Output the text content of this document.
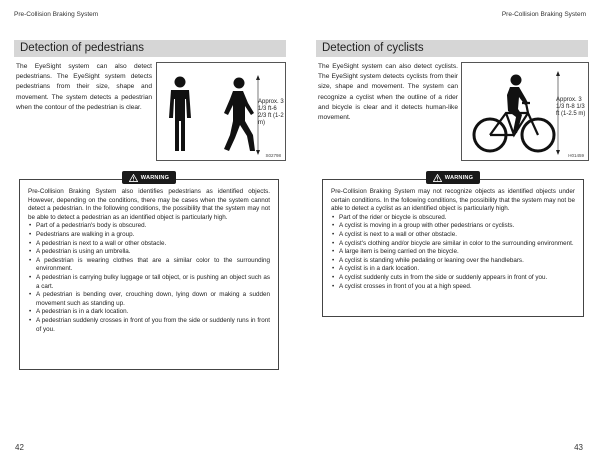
Pre-Collision Braking System
Detection of pedestrians
The EyeSight system can also detect pedestrians. The EyeSight system detects pedestrians from their size, shape and movement. The system detects a pedestrian when the contour of the pedestrian is clear.
Approx. 3 1/3 ft-6 2/3 ft (1-2 m)
S02798
WARNING

Pre-Collision Braking System also identifies pedestrians as identified objects. However, depending on the conditions, there may be cases when the system cannot detect a pedestrian. In the following conditions, the possibility that the system may not be able to detect a pedestrian as an identified object is particularly high.

• Part of a pedestrian's body is obscured.
• Pedestrians are walking in a group.
• A pedestrian is next to a wall or other obstacle.
• A pedestrian is using an umbrella.
• A pedestrian is wearing clothes that are a similar color to the surrounding environment.
• A pedestrian is carrying bulky luggage or tall object, or is pushing an object such as a cart.
• A pedestrian is bending over, crouching down, lying down or making a sudden movement such as standing up.
• A pedestrian is in a dark location.
• A pedestrian suddenly crosses in front of you from the side or suddenly runs in front of you.
42
Pre-Collision Braking System
Detection of cyclists
The EyeSight system can also detect cyclists. The EyeSight system detects cyclists from their size, shape and movement. The system can recognize a cyclist when the outline of a rider and bicycle is clear and it detects human-like movement.
Approx. 3 1/3 ft-8 1/3 ft (1-2.5 m)
H01459
WARNING

Pre-Collision Braking System may not recognize objects as identified objects under certain conditions. In the following conditions, the possibility that the system may not be able to detect a cyclist as an identified object is particularly high.

• Part of the rider or bicycle is obscured.
• A cyclist is moving in a group with other pedestrians or cyclists.
• A cyclist is next to a wall or other obstacle.
• A cyclist's clothing and/or bicycle are similar in color to the surrounding environment.
• A large item is being carried on the bicycle.
• A cyclist is standing while pedaling or leaning over the handlebars.
• A cyclist is in a dark location.
• A cyclist suddenly cuts in from the side or suddenly appears in front of you.
• A cyclist crosses in front of you at a high speed.
43
